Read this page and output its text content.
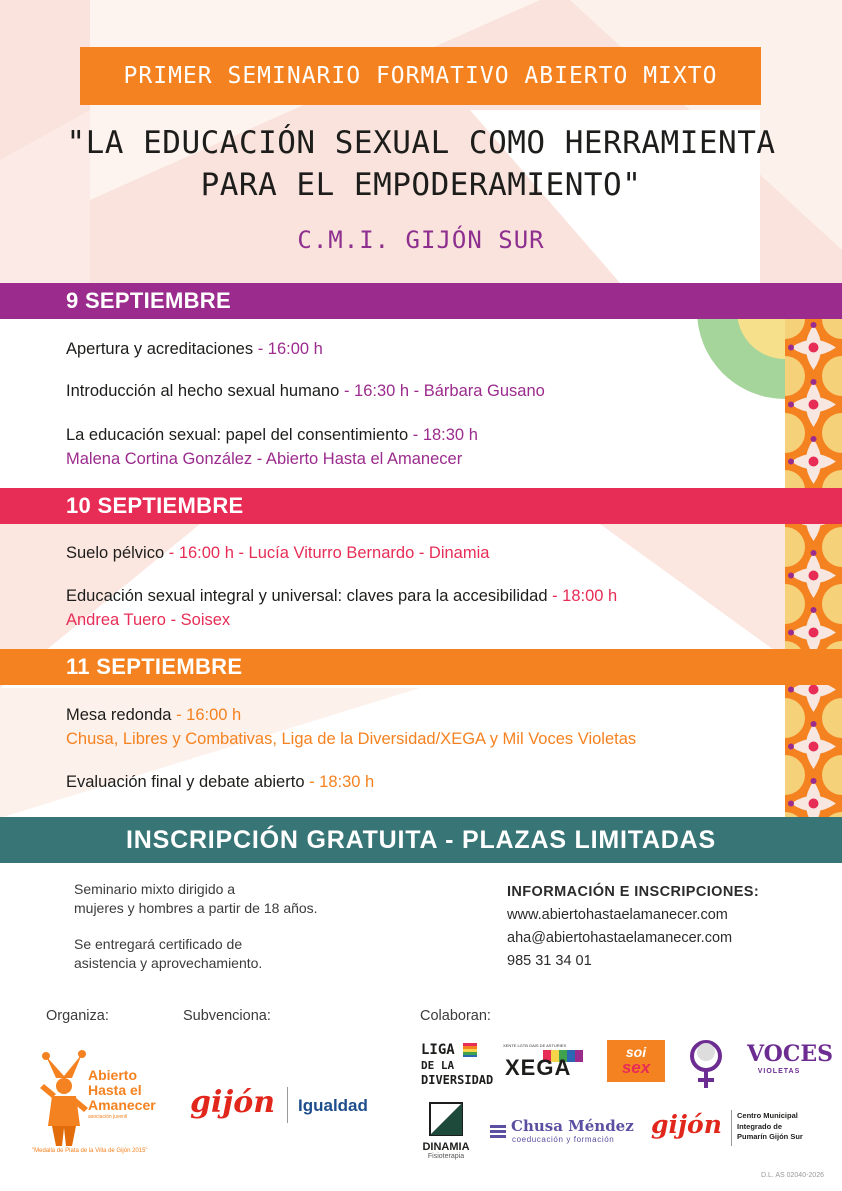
PRIMER SEMINARIO FORMATIVO ABIERTO MIXTO
"LA EDUCACIÓN SEXUAL COMO HERRAMIENTA
PARA EL EMPODERAMIENTO"
C.M.I. GIJÓN SUR
9 SEPTIEMBRE
Apertura y acreditaciones - 16:00 h
Introducción al hecho sexual humano - 16:30 h - Bárbara Gusano
La educación sexual: papel del consentimiento - 18:30 h
Malena Cortina González - Abierto Hasta el Amanecer
10 SEPTIEMBRE
Suelo pélvico - 16:00 h - Lucía Viturro Bernardo - Dinamia
Educación sexual integral y universal: claves para la accesibilidad - 18:00 h
Andrea Tuero - Soisex
11 SEPTIEMBRE
Mesa redonda - 16:00 h
Chusa, Libres y Combativas, Liga de la Diversidad/XEGA y Mil Voces Violetas
Evaluación final y debate abierto - 18:30 h
INSCRIPCIÓN GRATUITA - PLAZAS LIMITADAS

Seminario mixto dirigido a
mujeres y hombres a partir de 18 años.

Se entregará certificado de
asistencia y aprovechamiento.

INFORMACIÓN E INSCRIPCIONES:
www.abiertohastaelamanecer.com
aha@abiertohastaelamanecer.com
985 31 34 01
Organiza:	Subvenciona:	Colaboran:
Abierto
Hasta el
Amanecer
asociación juvenil
"Medalla de Plata de la Villa de Gijón 2015"
gijón Igualdad
LIGA  DE LA
DIVERSIDAD
XENTE LGTB GAIS DE ASTURIES
XEGA
soi
sex
VOCES
VIOLETAS
DINAMIA
Fisioterapia
Chusa Méndez
coeducación y formación
gijón Centro Municipal
Integrado de
Pumarín Gijón Sur
D.L. AS 02040-2026
